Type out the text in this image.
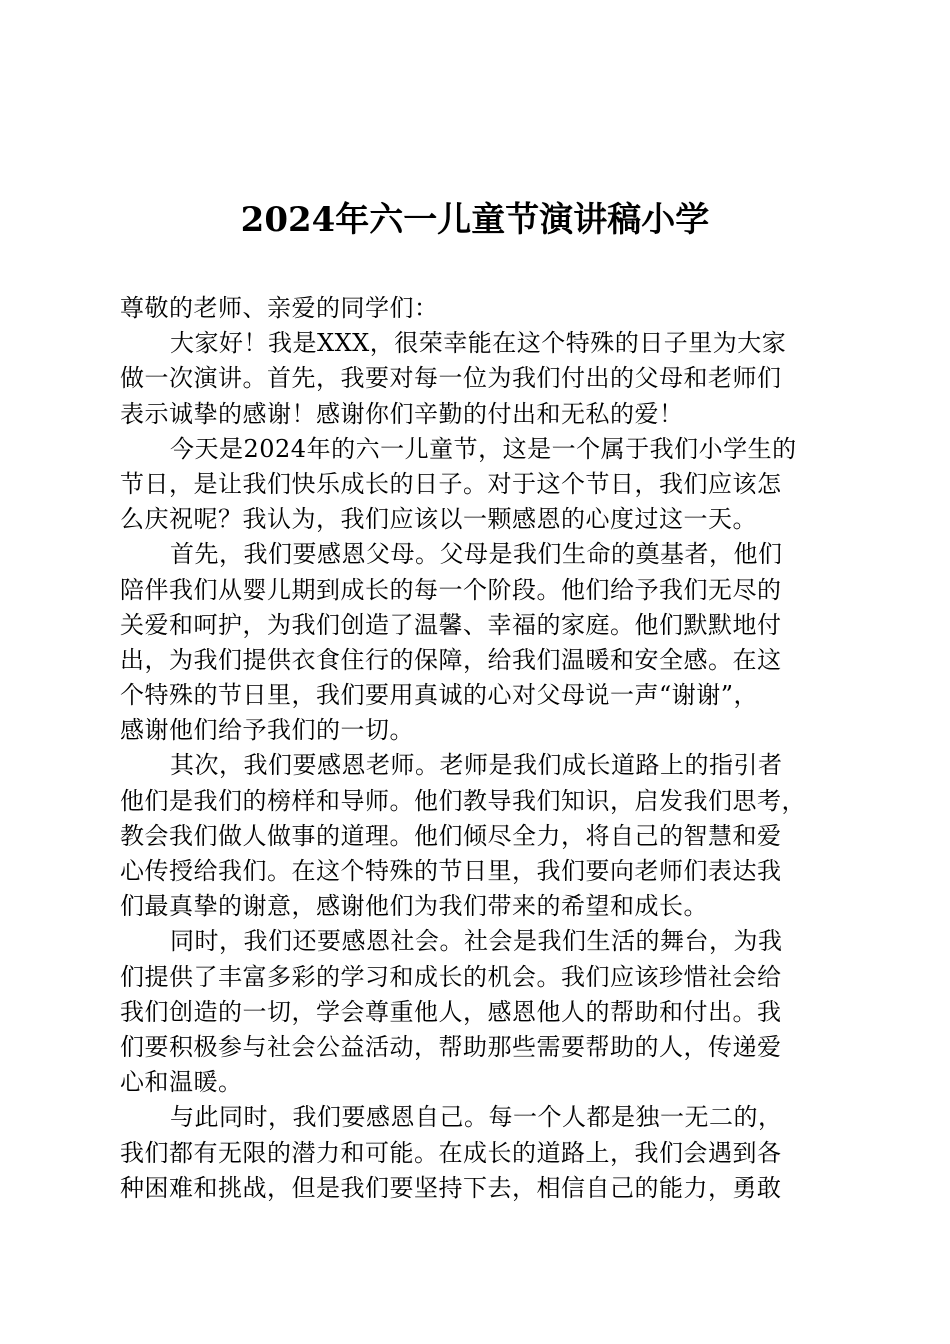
2024年六一儿童节演讲稿小学
尊敬的老师、亲爱的同学们：
大家好！我是XXX，很荣幸能在这个特殊的日子里为大家
做一次演讲。首先，我要对每一位为我们付出的父母和老师们
表示诚挚的感谢！感谢你们辛勤的付出和无私的爱！
今天是2024年的六一儿童节，这是一个属于我们小学生的
节日，是让我们快乐成长的日子。对于这个节日，我们应该怎
么庆祝呢？我认为，我们应该以一颗感恩的心度过这一天。
首先，我们要感恩父母。父母是我们生命的奠基者，他们
陪伴我们从婴儿期到成长的每一个阶段。他们给予我们无尽的
关爱和呵护，为我们创造了温馨、幸福的家庭。他们默默地付
出，为我们提供衣食住行的保障，给我们温暖和安全感。在这
个特殊的节日里，我们要用真诚的心对父母说一声“谢谢”，
感谢他们给予我们的一切。
其次，我们要感恩老师。老师是我们成长道路上的指引者
他们是我们的榜样和导师。他们教导我们知识，启发我们思考，
教会我们做人做事的道理。他们倾尽全力，将自己的智慧和爱
心传授给我们。在这个特殊的节日里，我们要向老师们表达我
们最真挚的谢意，感谢他们为我们带来的希望和成长。
同时，我们还要感恩社会。社会是我们生活的舞台，为我
们提供了丰富多彩的学习和成长的机会。我们应该珍惜社会给
我们创造的一切，学会尊重他人，感恩他人的帮助和付出。我
们要积极参与社会公益活动，帮助那些需要帮助的人，传递爱
心和温暖。
与此同时，我们要感恩自己。每一个人都是独一无二的，
我们都有无限的潜力和可能。在成长的道路上，我们会遇到各
种困难和挑战，但是我们要坚持下去，相信自己的能力，勇敢
